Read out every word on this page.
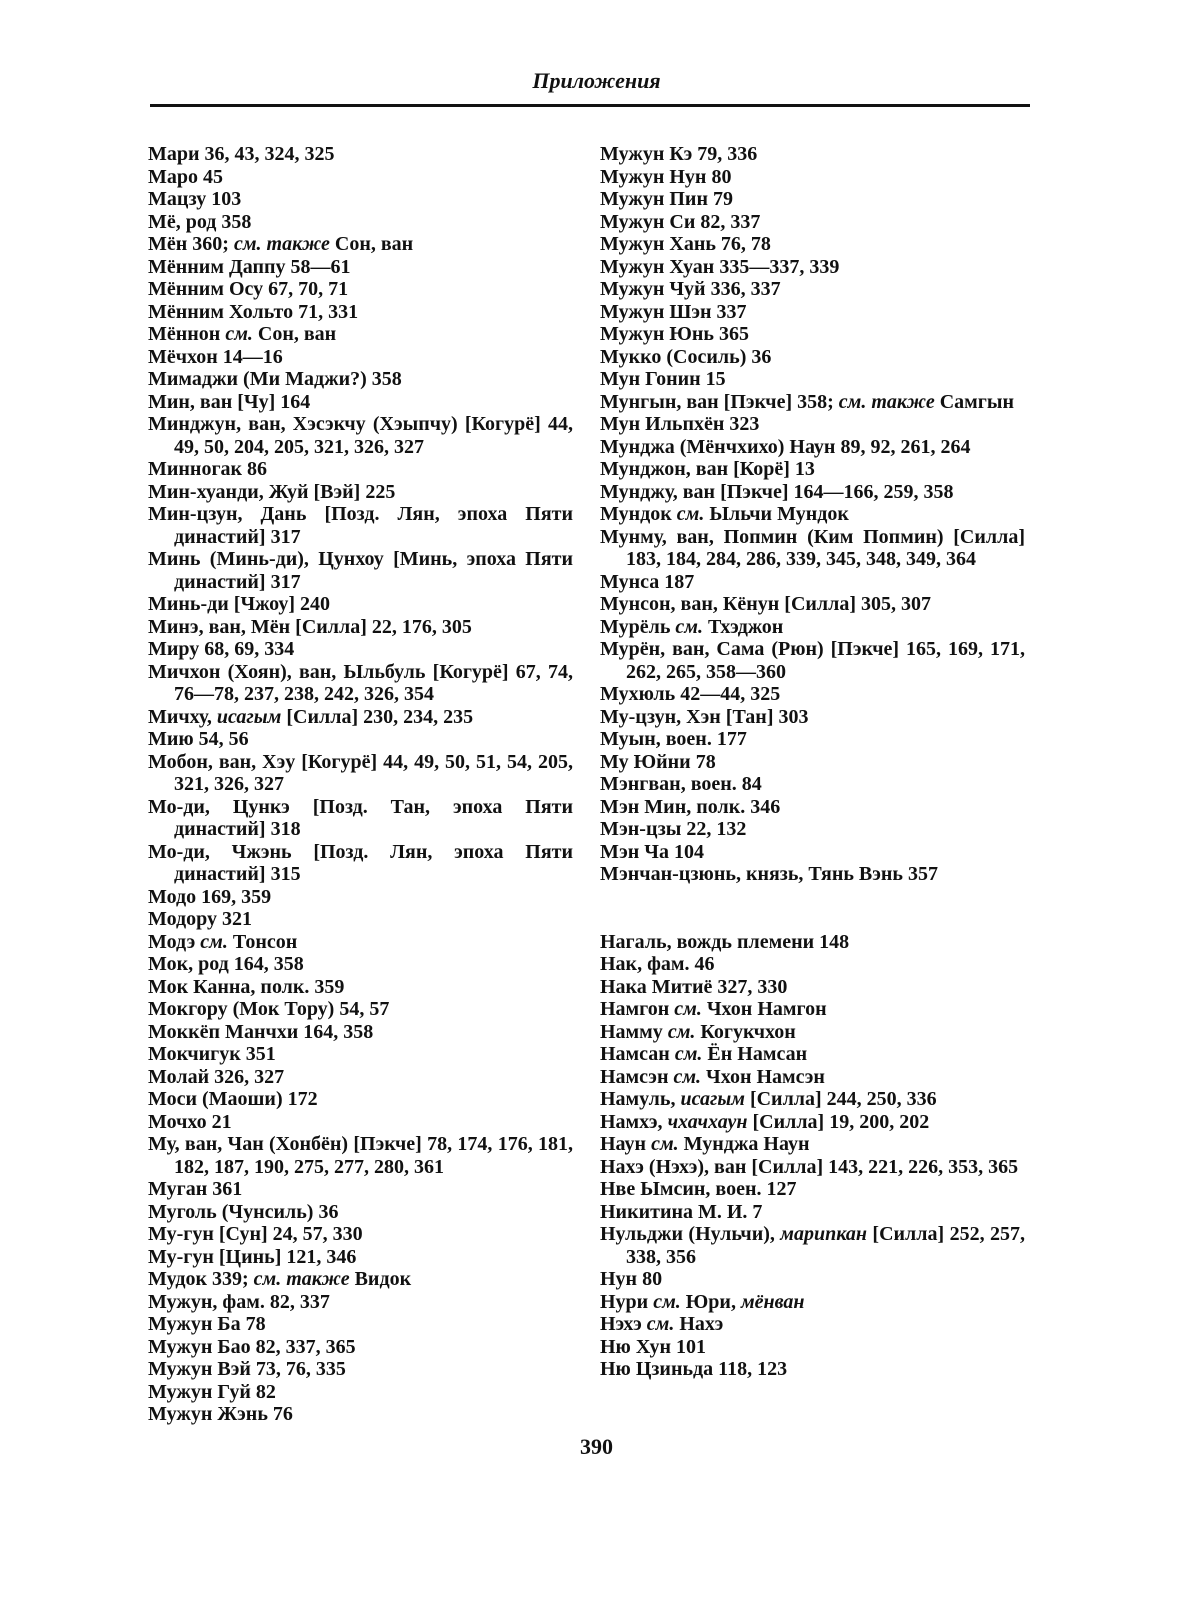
Приложения
Мари 36, 43, 324, 325
Маро 45
Мацзу 103
Мё, род 358
Мён 360; см. также Сон, ван
Мённим Даппу 58—61
Мённим Осу 67, 70, 71
Мённим Хольто 71, 331
Мённон см. Сон, ван
Мёчхон 14—16
Мимаджи (Ми Маджи?) 358
Мин, ван [Чу] 164
Минджун, ван, Хэсэкчу (Хэыпчу) [Когурё] 44, 49, 50, 204, 205, 321, 326, 327
Минногак 86
Мин-хуанди, Жуй [Вэй] 225
Мин-цзун, Дань [Позд. Лян, эпоха Пяти династий] 317
Минь (Минь-ди), Цунхоу [Минь, эпоха Пяти династий] 317
Минь-ди [Чжоу] 240
Минэ, ван, Мён [Силла] 22, 176, 305
Миру 68, 69, 334
Мичхон (Хоян), ван, Ыльбуль [Когурё] 67, 74, 76—78, 237, 238, 242, 326, 354
Мичху, исагым [Силла] 230, 234, 235
Мию 54, 56
Мобон, ван, Хэу [Когурё] 44, 49, 50, 51, 54, 205, 321, 326, 327
Мо-ди, Цункэ [Позд. Тан, эпоха Пяти династий] 318
Мо-ди, Чжэнь [Позд. Лян, эпоха Пяти династий] 315
Модо 169, 359
Модору 321
Модэ см. Тонсон
Мок, род 164, 358
Мок Канна, полк. 359
Мокгору (Мок Тору) 54, 57
Моккёп Манчхи 164, 358
Мокчигук 351
Молай 326, 327
Моси (Маоши) 172
Мочхо 21
Му, ван, Чан (Хонбён) [Пэкче] 78, 174, 176, 181, 182, 187, 190, 275, 277, 280, 361
Муган 361
Муголь (Чунсиль) 36
Му-гун [Сун] 24, 57, 330
Му-гун [Цинь] 121, 346
Мудок 339; см. также Видок
Мужун, фам. 82, 337
Мужун Ба 78
Мужун Бао 82, 337, 365
Мужун Вэй 73, 76, 335
Мужун Гуй 82
Мужун Жэнь 76
Мужун Кэ 79, 336
Мужун Нун 80
Мужун Пин 79
Мужун Си 82, 337
Мужун Хань 76, 78
Мужун Хуан 335—337, 339
Мужун Чуй 336, 337
Мужун Шэн 337
Мужун Юнь 365
Мукко (Сосиль) 36
Мун Гонин 15
Мунгын, ван [Пэкче] 358; см. также Самгын
Мун Ильпхён 323
Мунджа (Мёнчхихо) Наун 89, 92, 261, 264
Мунджон, ван [Корё] 13
Мунджу, ван [Пэкче] 164—166, 259, 358
Мундок см. Ыльчи Мундок
Мунму, ван, Попмин (Ким Попмин) [Силла] 183, 184, 284, 286, 339, 345, 348, 349, 364
Мунса 187
Мунсон, ван, Кёнун [Силла] 305, 307
Мурёль см. Тхэджон
Мурён, ван, Сама (Рюн) [Пэкче] 165, 169, 171, 262, 265, 358—360
Мухюль 42—44, 325
Му-цзун, Хэн [Тан] 303
Муын, воен. 177
Му Юйни 78
Мэнгван, воен. 84
Мэн Мин, полк. 346
Мэн-цзы 22, 132
Мэн Ча 104
Мэнчан-цзюнь, князь, Тянь Вэнь 357
Нагаль, вождь племени 148
Нак, фам. 46
Нака Митиё 327, 330
Намгон см. Чхон Намгон
Намму см. Когукчхон
Намсан см. Ён Намсан
Намсэн см. Чхон Намсэн
Намуль, исагым [Силла] 244, 250, 336
Намхэ, чхачхаун [Силла] 19, 200, 202
Наун см. Мунджа Наун
Нахэ (Нэхэ), ван [Силла] 143, 221, 226, 353, 365
Нве Ымсин, воен. 127
Никитина М. И. 7
Нульджи (Нульчи), марипкан [Силла] 252, 257, 338, 356
Нун 80
Нури см. Юри, мёнван
Нэхэ см. Нахэ
Ню Хун 101
Ню Цзиньда 118, 123
390
